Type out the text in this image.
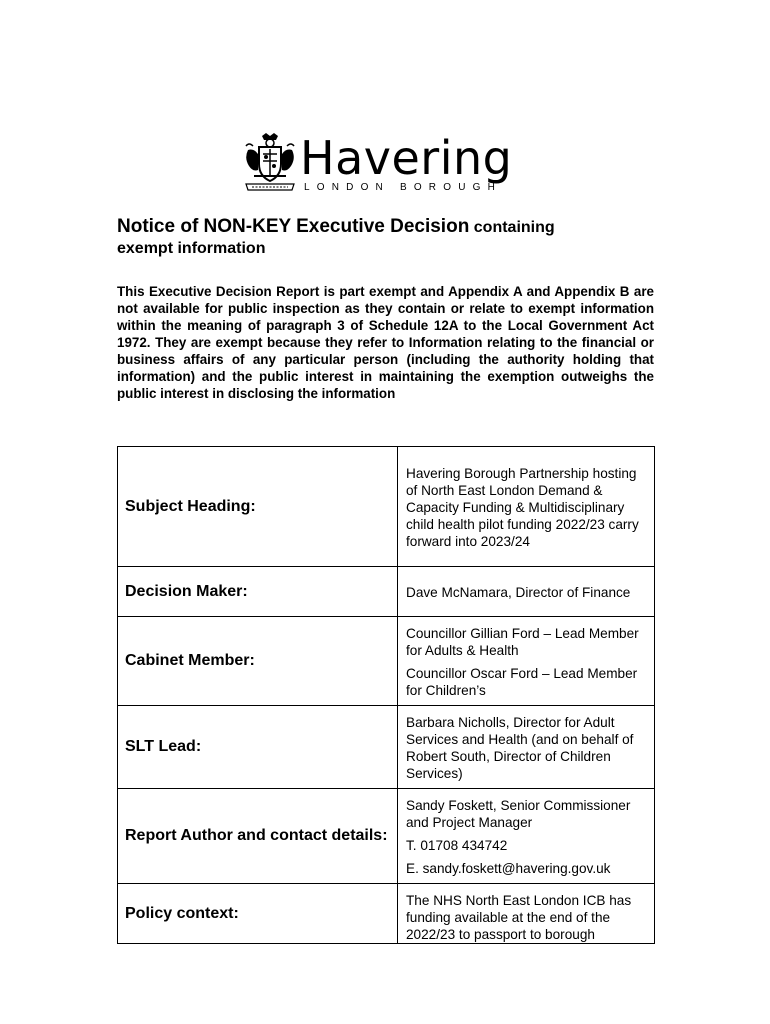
Havering
LONDON BOROUGH
Notice of NON-KEY Executive Decision containing
exempt information
This Executive Decision Report is part exempt and Appendix A and Appendix B are not available for public inspection as they contain or relate to exempt information within the meaning of paragraph 3 of Schedule 12A to the Local Government Act 1972. They are exempt because they refer to Information relating to the financial or business affairs of any particular person (including the authority holding that information) and the public interest in maintaining the exemption outweighs the public interest in disclosing the information
Subject Heading:	Havering Borough Partnership hosting of North East London Demand & Capacity Funding & Multidisciplinary child health pilot funding 2022/23 carry forward into 2023/24

Decision Maker:	Dave McNamara, Director of Finance

Cabinet Member:	Councillor Gillian Ford – Lead Member for Adults & Health

Councillor Oscar Ford – Lead Member for Children’s

SLT Lead:	Barbara Nicholls, Director for Adult Services and Health (and on behalf of Robert South, Director of Children Services)

Report Author and contact details:	Sandy Foskett, Senior Commissioner and Project Manager

T. 01708 434742

E. sandy.foskett@havering.gov.uk

Policy context:	The NHS North East London ICB has funding available at the end of the 2022/23 to passport to borough
